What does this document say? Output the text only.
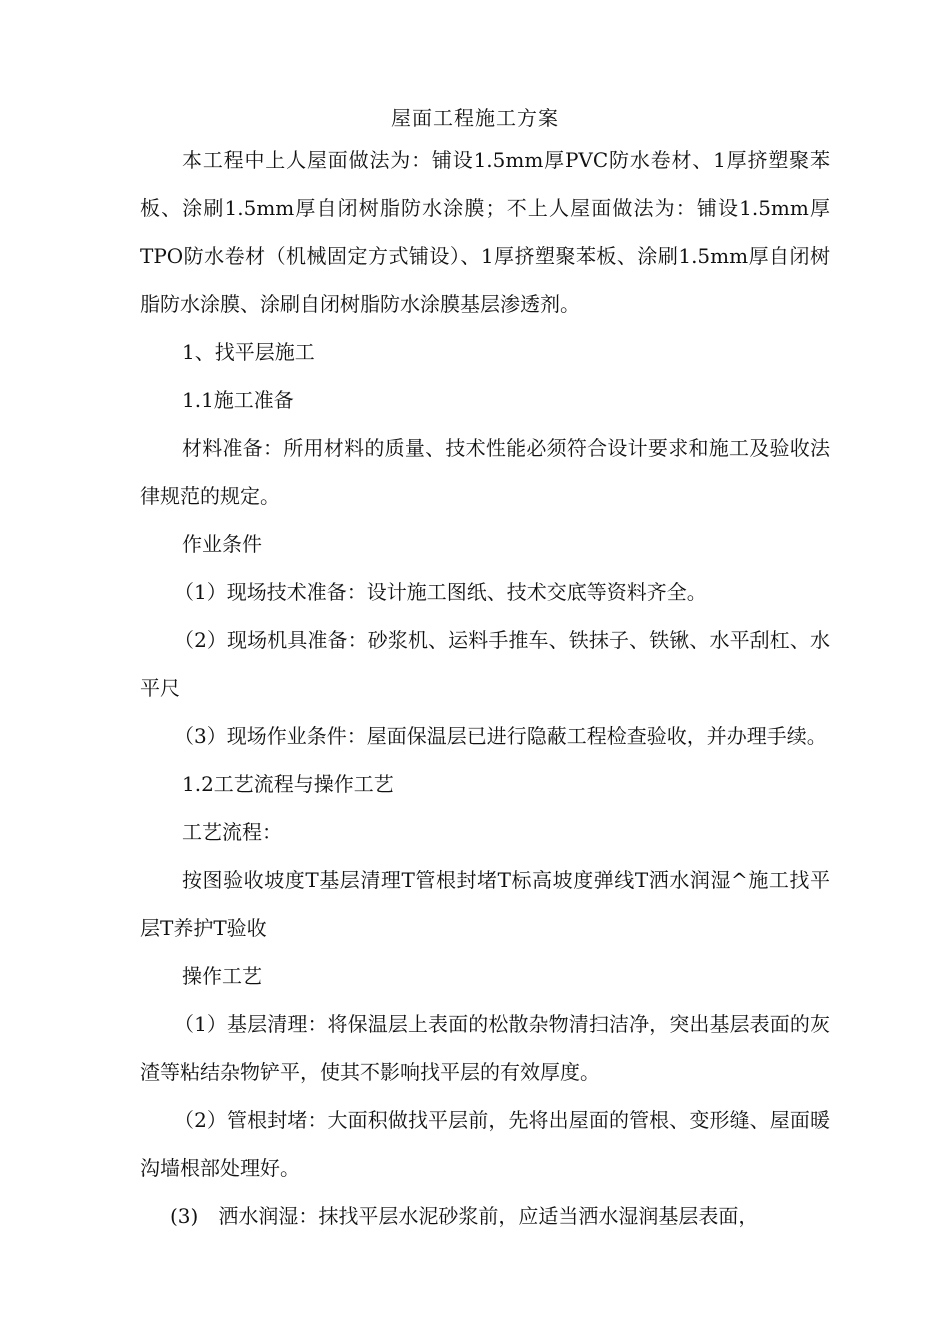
屋面工程施工方案

本工程中上人屋面做法为：铺设1.5mm厚PVC防水卷材、1厚挤塑聚苯板、涂刷1.5mm厚自闭树脂防水涂膜；不上人屋面做法为：铺设1.5mm厚TPO防水卷材（机械固定方式铺设）、1厚挤塑聚苯板、涂刷1.5mm厚自闭树脂防水涂膜、涂刷自闭树脂防水涂膜基层渗透剂。

1、找平层施工

1.1施工准备

材料准备：所用材料的质量、技术性能必须符合设计要求和施工及验收法律规范的规定。

作业条件

（1）现场技术准备：设计施工图纸、技术交底等资料齐全。

（2）现场机具准备：砂浆机、运料手推车、铁抹子、铁锹、水平刮杠、水平尺

（3）现场作业条件：屋面保温层已进行隐蔽工程检查验收，并办理手续。

1.2工艺流程与操作工艺

工艺流程：

按图验收坡度T基层清理T管根封堵T标高坡度弹线T洒水润湿^施工找平层T养护T验收

操作工艺

（1）基层清理：将保温层上表面的松散杂物清扫洁净，突出基层表面的灰渣等粘结杂物铲平，使其不影响找平层的有效厚度。

（2）管根封堵：大面积做找平层前，先将出屋面的管根、变形缝、屋面暖沟墙根部处理好。

(3)　洒水润湿：抹找平层水泥砂浆前，应适当洒水湿润基层表面，
